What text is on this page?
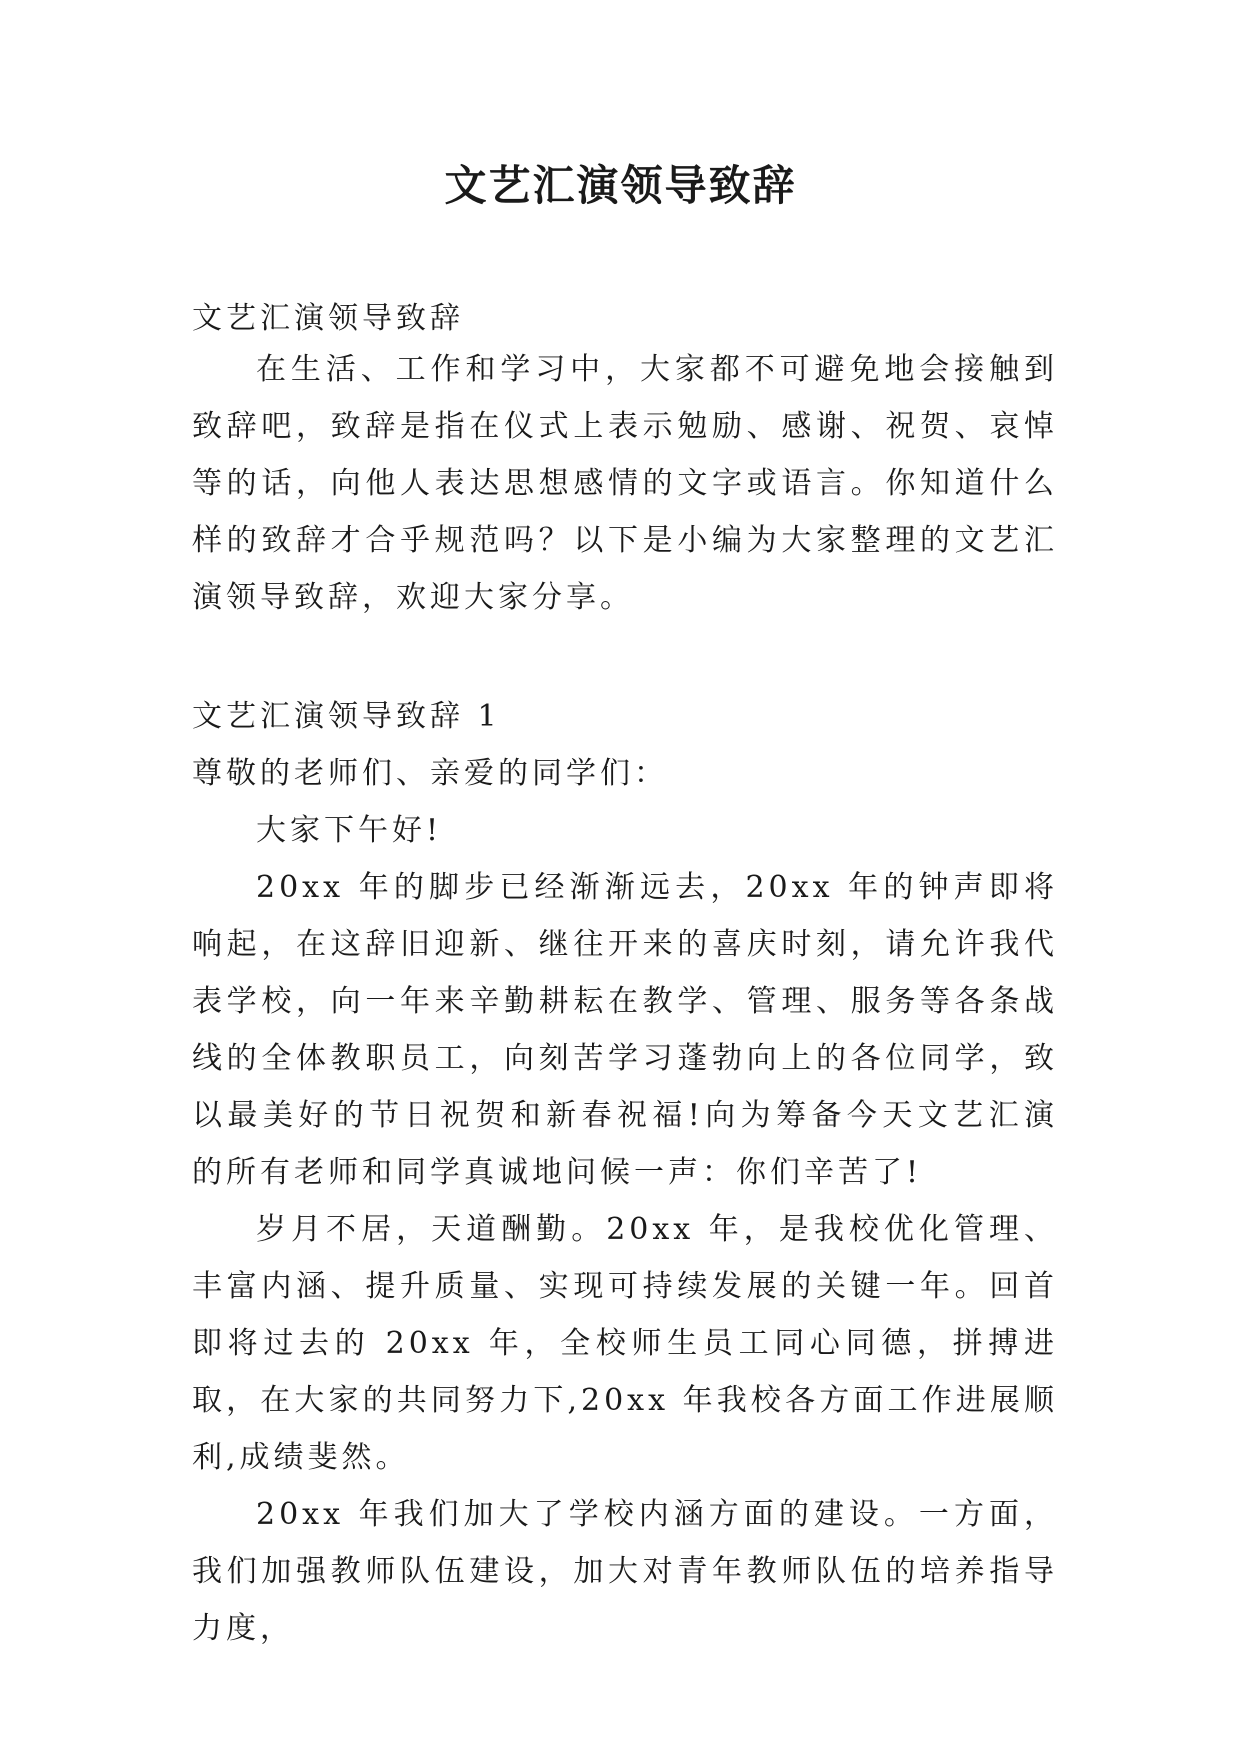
文艺汇演领导致辞

文艺汇演领导致辞

在生活、工作和学习中，大家都不可避免地会接触到致辞吧，致辞是指在仪式上表示勉励、感谢、祝贺、哀悼等的话，向他人表达思想感情的文字或语言。你知道什么样的致辞才合乎规范吗？以下是小编为大家整理的文艺汇演领导致辞，欢迎大家分享。

文艺汇演领导致辞 1

尊敬的老师们、亲爱的同学们：

大家下午好!

20xx 年的脚步已经渐渐远去，20xx 年的钟声即将响起，在这辞旧迎新、继往开来的喜庆时刻，请允许我代表学校，向一年来辛勤耕耘在教学、管理、服务等各条战线的全体教职员工，向刻苦学习蓬勃向上的各位同学，致以最美好的节日祝贺和新春祝福!向为筹备今天文艺汇演的所有老师和同学真诚地问候一声：你们辛苦了!

岁月不居，天道酬勤。20xx 年，是我校优化管理、丰富内涵、提升质量、实现可持续发展的关键一年。回首即将过去的 20xx 年，全校师生员工同心同德，拼搏进取，在大家的共同努力下,20xx 年我校各方面工作进展顺利,成绩斐然。

20xx 年我们加大了学校内涵方面的建设。一方面，我们加强教师队伍建设，加大对青年教师队伍的培养指导力度，
